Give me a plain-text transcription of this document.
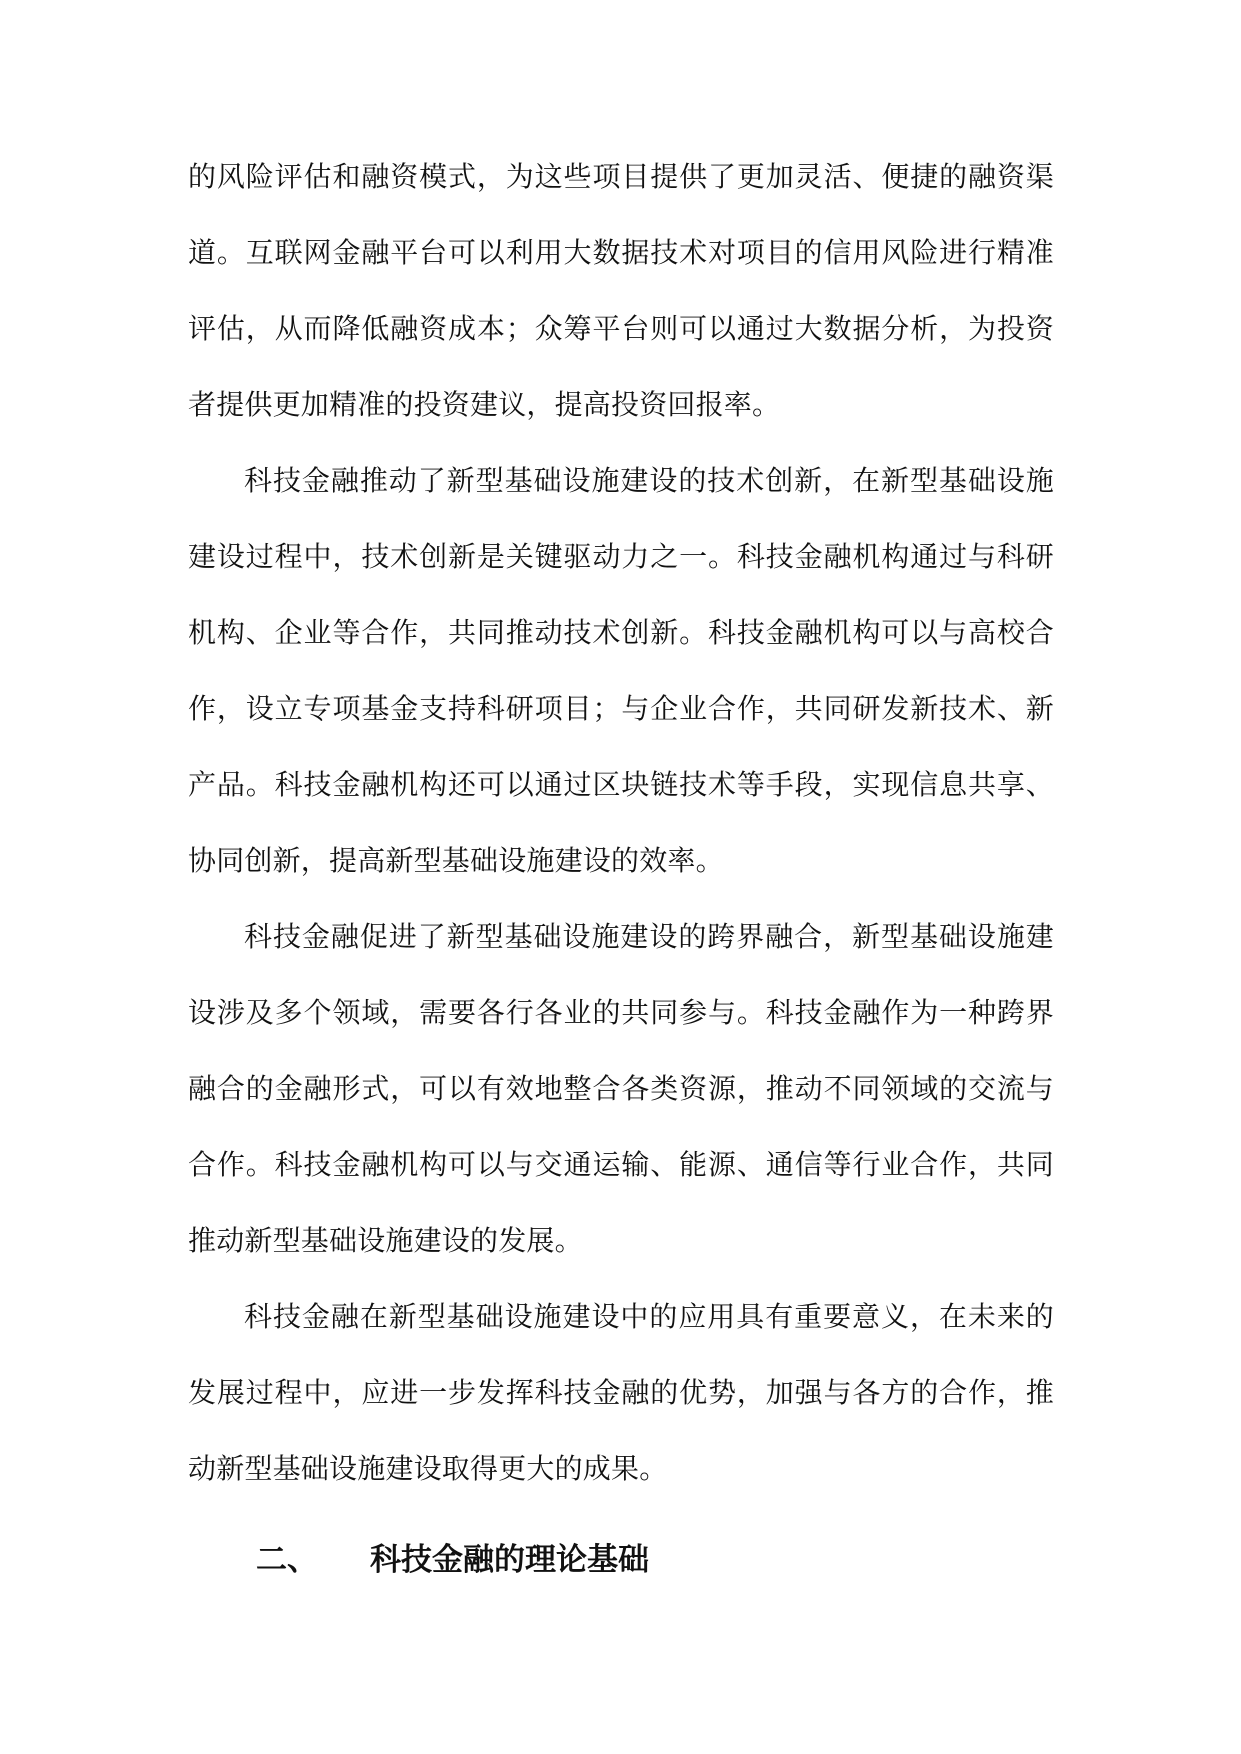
的风险评估和融资模式，为这些项目提供了更加灵活、便捷的融资渠道。互联网金融平台可以利用大数据技术对项目的信用风险进行精准评估，从而降低融资成本；众筹平台则可以通过大数据分析，为投资者提供更加精准的投资建议，提高投资回报率。

科技金融推动了新型基础设施建设的技术创新，在新型基础设施建设过程中，技术创新是关键驱动力之一。科技金融机构通过与科研机构、企业等合作，共同推动技术创新。科技金融机构可以与高校合作，设立专项基金支持科研项目；与企业合作，共同研发新技术、新产品。科技金融机构还可以通过区块链技术等手段，实现信息共享、协同创新，提高新型基础设施建设的效率。

科技金融促进了新型基础设施建设的跨界融合，新型基础设施建设涉及多个领域，需要各行各业的共同参与。科技金融作为一种跨界融合的金融形式，可以有效地整合各类资源，推动不同领域的交流与合作。科技金融机构可以与交通运输、能源、通信等行业合作，共同推动新型基础设施建设的发展。

科技金融在新型基础设施建设中的应用具有重要意义，在未来的发展过程中，应进一步发挥科技金融的优势，加强与各方的合作，推动新型基础设施建设取得更大的成果。

二、 科技金融的理论基础
